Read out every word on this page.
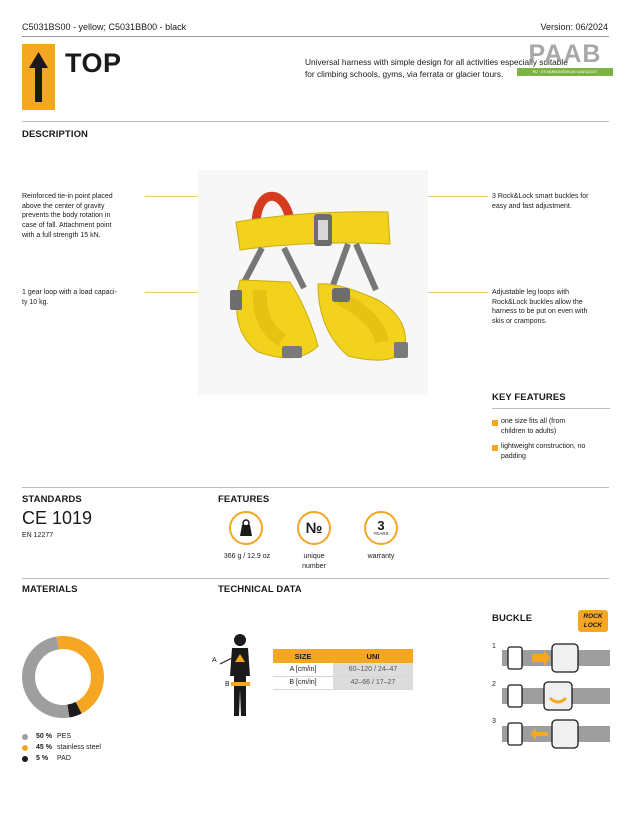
C5031BS00 - yellow; C5031BB00 - black	Version: 06/2024
TOP	Universal harness with simple design for all activities especially suitable
for climbing schools, gyms, via ferrata or glacier tours.
PAAB
HU · ES MUNKAVÉDELMI SZAKÜZLET
DESCRIPTION
Reinforced tie-in point placed
above the center of gravity
prevents the body rotation in
case of fall. Attachment point
with a full strength 15 kN.
1 gear loop with a load capaci-
ty 10 kg.
3 Rock&Lock smart buckles for
easy and fast adjustment.
Adjustable leg loops with
Rock&Lock buckles allow the
harness to be put on even with
skis or crampons.
KEY FEATURES
one size fits all (from
children to adults)
lightweight construction, no
padding
STANDARDS
CE 1019
EN 12277
FEATURES
366 g / 12.9 oz
№
unique
number
3
YEARS
warranty
MATERIALS
50 % PES
45 % stainless steel
5 %	PAD
TECHNICAL DATA
A
B
SIZE	UNI
A [cm/in]	60–120 / 24–47
B [cm/in]	42–66 / 17–27
BUCKLE	ROCK
LOCK
1
2
3
